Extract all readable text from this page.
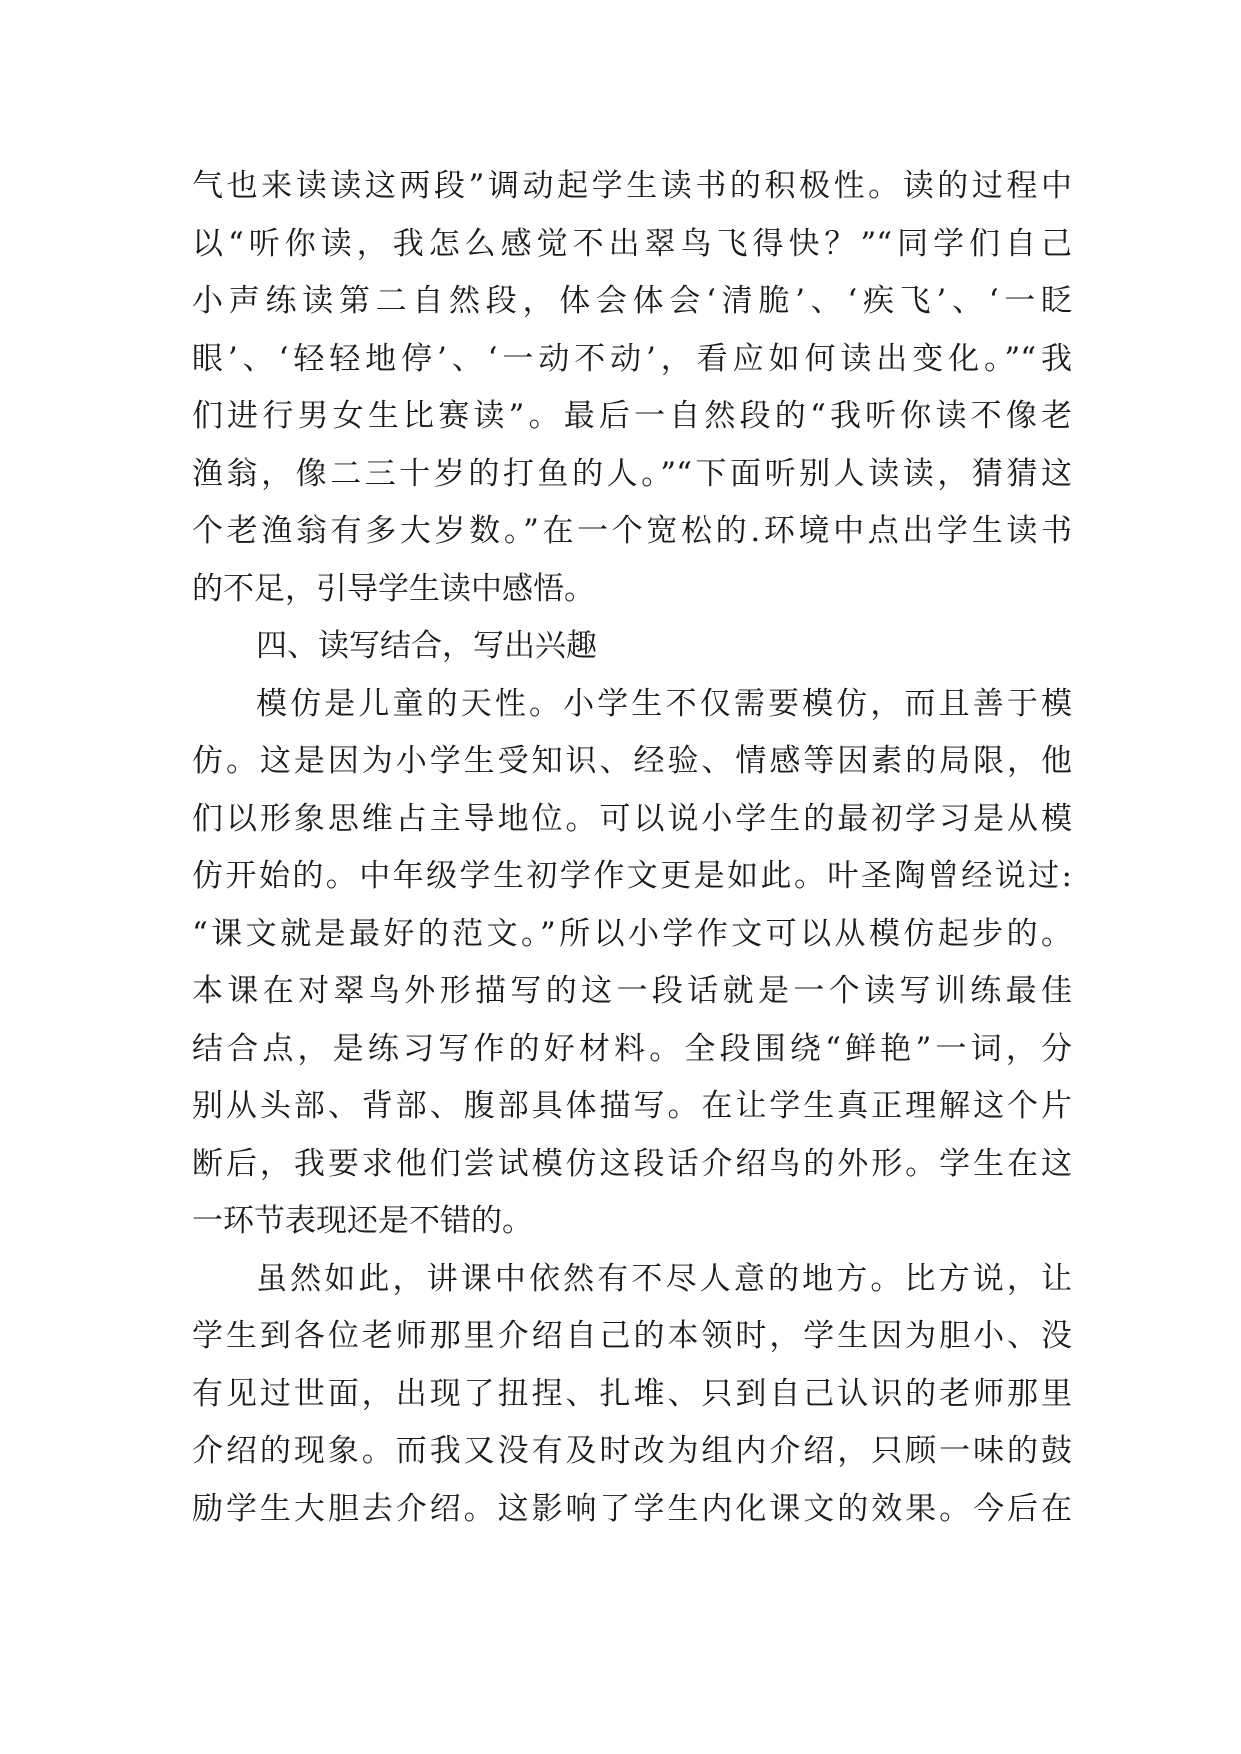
气也来读读这两段”调动起学生读书的积极性。读的过程中
以“听你读，我怎么感觉不出翠鸟飞得快？”“同学们自己
小声练读第二自然段，体会体会‘清脆’、‘疾飞’、‘一眨
眼’、‘轻轻地停’、‘一动不动’，看应如何读出变化。”“我
们进行男女生比赛读”。最后一自然段的“我听你读不像老
渔翁，像二三十岁的打鱼的人。”“下面听别人读读，猜猜这
个老渔翁有多大岁数。”在一个宽松的.环境中点出学生读书
的不足，引导学生读中感悟。
四、读写结合，写出兴趣
模仿是儿童的天性。小学生不仅需要模仿，而且善于模
仿。这是因为小学生受知识、经验、情感等因素的局限，他
们以形象思维占主导地位。可以说小学生的最初学习是从模
仿开始的。中年级学生初学作文更是如此。叶圣陶曾经说过:
“课文就是最好的范文。”所以小学作文可以从模仿起步的。
本课在对翠鸟外形描写的这一段话就是一个读写训练最佳
结合点，是练习写作的好材料。全段围绕“鲜艳”一词，分
别从头部、背部、腹部具体描写。在让学生真正理解这个片
断后，我要求他们尝试模仿这段话介绍鸟的外形。学生在这
一环节表现还是不错的。
虽然如此，讲课中依然有不尽人意的地方。比方说，让
学生到各位老师那里介绍自己的本领时，学生因为胆小、没
有见过世面，出现了扭捏、扎堆、只到自己认识的老师那里
介绍的现象。而我又没有及时改为组内介绍，只顾一味的鼓
励学生大胆去介绍。这影响了学生内化课文的效果。今后在
